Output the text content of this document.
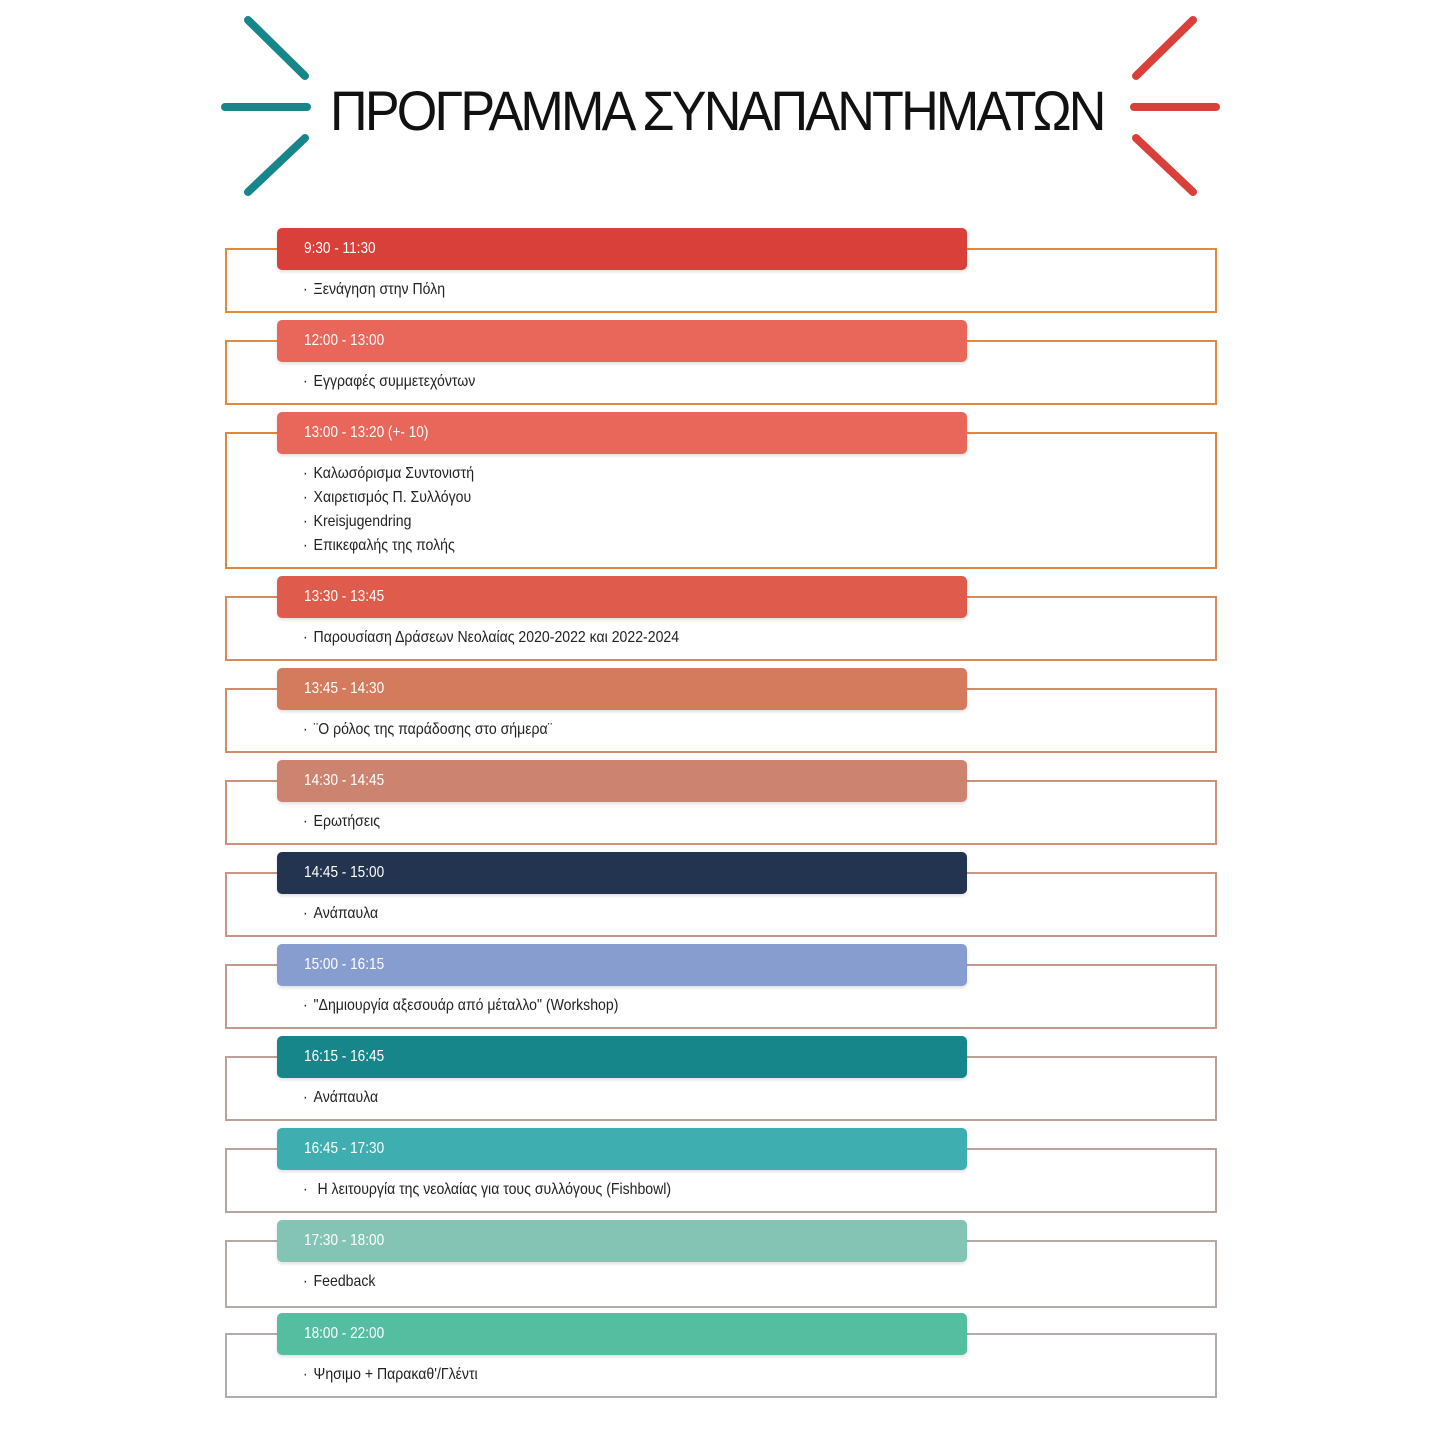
ΠΡΟΓΡΑΜΜΑ ΣΥΝΑΠΑΝΤΗΜΑΤΩΝ
9:30 - 11:30
· Ξενάγηση στην Πόλη
12:00 - 13:00
· Εγγραφές συμμετεχόντων
13:00 - 13:20 (+- 10)
· Καλωσόρισμα Συντονιστή
· Χαιρετισμός Π. Συλλόγου
· Kreisjugendring
· Επικεφαλής της πολής
13:30 - 13:45
· Παρουσίαση Δράσεων Νεολαίας 2020-2022 και 2022-2024
13:45 - 14:30
· ¨Ο ρόλος της παράδοσης στο σήμερα¨
14:30 - 14:45
· Ερωτήσεις
14:45 - 15:00
· Ανάπαυλα
15:00 - 16:15
· "Δημιουργία αξεσουάρ από μέταλλο" (Workshop)
16:15 - 16:45
· Ανάπαυλα
16:45 - 17:30
· Η λειτουργία της νεολαίας για τους συλλόγους (Fishbowl)
17:30 - 18:00
· Feedback
18:00 - 22:00
· Ψησιμο + Παρακαθ'/Γλέντι
